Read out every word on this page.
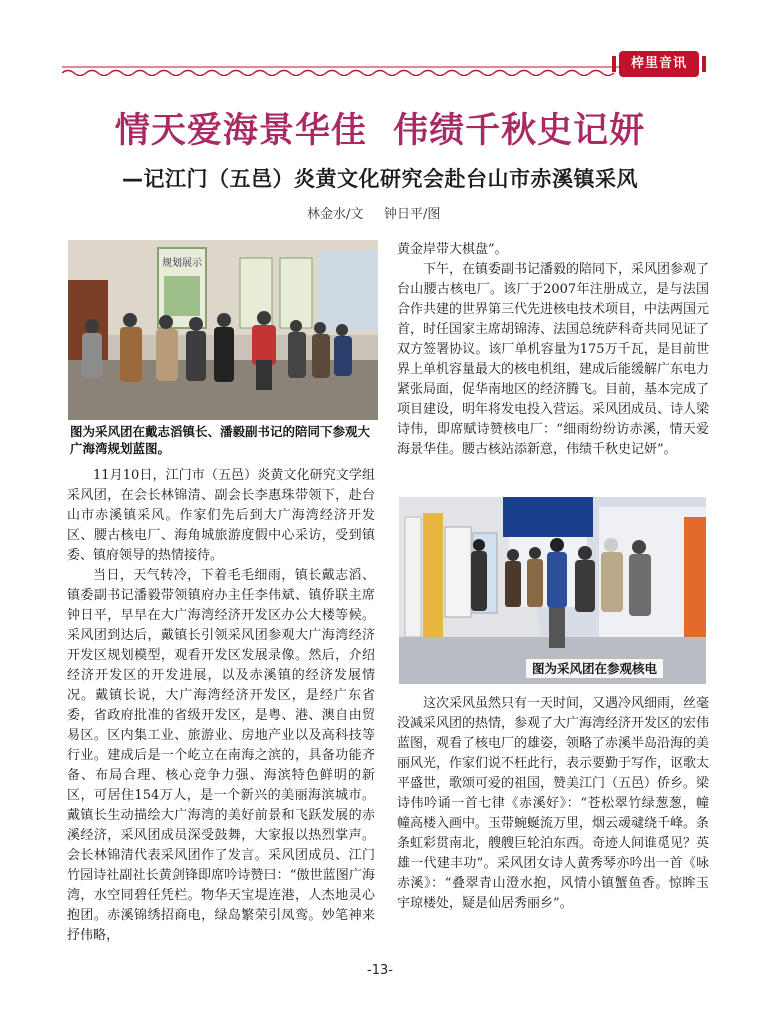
梓里音讯
情天爱海景华佳  伟绩千秋史记妍
—记江门（五邑）炎黄文化研究会赴台山市赤溪镇采风
林金水/文     钟日平/图
规划展示
图为采风团在戴志滔镇长、潘毅副书记的陪同下参观大广海湾规划蓝图。

11月10日，江门市（五邑）炎黄文化研究文学组采风团，在会长林锦清、副会长李惠珠带领下，赴台山市赤溪镇采风。作家们先后到大广海湾经济开发区、腰古核电厂、海角城旅游度假中心采访，受到镇委、镇府领导的热情接待。

当日，天气转冷，下着毛毛细雨，镇长戴志滔、镇委副书记潘毅带领镇府办主任李伟斌、镇侨联主席钟日平，早早在大广海湾经济开发区办公大楼等候。采风团到达后，戴镇长引领采风团参观大广海湾经济开发区规划模型，观看开发区发展录像。然后，介绍经济开发区的开发进展，以及赤溪镇的经济发展情况。戴镇长说，大广海湾经济开发区，是经广东省委，省政府批准的省级开发区，是粤、港、澳自由贸易区。区内集工业、旅游业、房地产业以及高科技等行业。建成后是一个屹立在南海之滨的，具备功能齐备、布局合理、核心竞争力强、海滨特色鲜明的新区，可居住154万人，是一个新兴的美丽海滨城市。戴镇长生动描绘大广海湾的美好前景和飞跃发展的赤溪经济，采风团成员深受鼓舞，大家报以热烈掌声。会长林锦清代表采风团作了发言。采风团成员、江门竹园诗社副社长黄剑锋即席吟诗赞曰：“傲世蓝图广海湾，水空同碧任凭栏。物华天宝堤连港，人杰地灵心抱团。赤溪锦绣招商电，绿岛繁荣引凤鸾。妙笔神来抒伟略，

黄金岸带大棋盘”。

下午，在镇委副书记潘毅的陪同下，采风团参观了台山腰古核电厂。该厂于2007年注册成立，是与法国合作共建的世界第三代先进核电技术项目，中法两国元首，时任国家主席胡锦涛、法国总统萨科奇共同见证了双方签署协议。该厂单机容量为175万千瓦，是目前世界上单机容量最大的核电机组，建成后能缓解广东电力紧张局面，促华南地区的经济腾飞。目前，基本完成了项目建设，明年将发电投入营运。采风团成员、诗人梁诗伟，即席赋诗赞核电厂：“细雨纷纷访赤溪，情天爱海景华佳。腰古核站添新意，伟绩千秋史记妍”。

图为采风团在参观核电

这次采风虽然只有一天时间，又遇冷风细雨，丝毫没减采风团的热情，参观了大广海湾经济开发区的宏伟蓝图，观看了核电厂的雄姿，领略了赤溪半岛沿海的美丽风光，作家们说不枉此行，表示要勤于写作，讴歌太平盛世，歌颂可爱的祖国，赞美江门（五邑）侨乡。梁诗伟吟诵一首七律《赤溪好》：“苍松翠竹绿葱葱，幢幢高楼入画中。玉带蜿蜒流万里，烟云叆叇绕千峰。条条虹彩贯南北，艘艘巨轮泊东西。奇迹人间谁觅见？英雄一代建丰功”。采风团女诗人黄秀琴亦吟出一首《咏赤溪》：“叠翠青山澄水抱，风情小镇蟹鱼香。惊眸玉宇琼楼处，疑是仙居秀丽乡”。

-13-
